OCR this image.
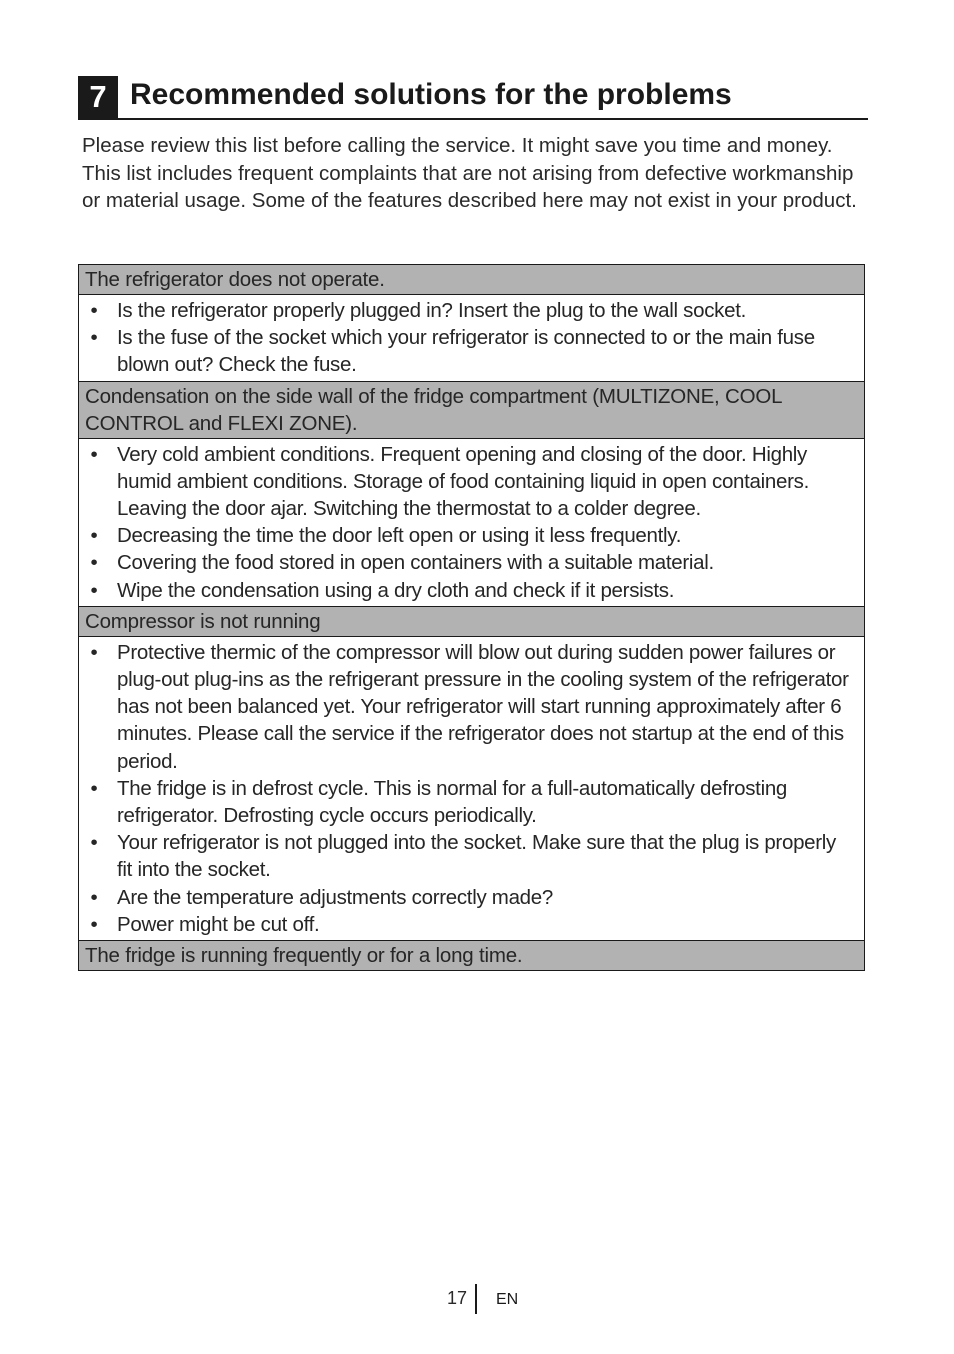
7 Recommended solutions for the problems

Please review this list before calling the service. It might save you time and money. This list includes frequent complaints that are not arising from defective workmanship or material usage. Some of the features described here may not exist in your product.

The refrigerator does not operate.
• Is the refrigerator properly plugged in? Insert the plug to the wall socket.
• Is the fuse of the socket which your refrigerator is connected to or the main fuse blown out? Check the fuse.
Condensation on the side wall of the fridge compartment (MULTIZONE, COOL CONTROL and FLEXI ZONE).
• Very cold ambient conditions. Frequent opening and closing of the door. Highly humid ambient conditions. Storage of food containing liquid in open containers. Leaving the door ajar. Switching the thermostat to a colder degree.
• Decreasing the time the door left open or using it less frequently.
• Covering the food stored in open containers with a suitable material.
• Wipe the condensation using a dry cloth and check if it persists.
Compressor is not running
• Protective thermic of the compressor will blow out during sudden power failures or plug-out plug-ins as the refrigerant pressure in the cooling system of the refrigerator has not been balanced yet. Your refrigerator will start running approximately after 6 minutes. Please call the service if the refrigerator does not startup at the end of this period.
• The fridge is in defrost cycle. This is normal for a full-automatically defrosting refrigerator. Defrosting cycle occurs periodically.
• Your refrigerator is not plugged into the socket. Make sure that the plug is properly fit into the socket.
• Are the temperature adjustments correctly made?
• Power might be cut off.
The fridge is running frequently or for a long time.
17 EN
